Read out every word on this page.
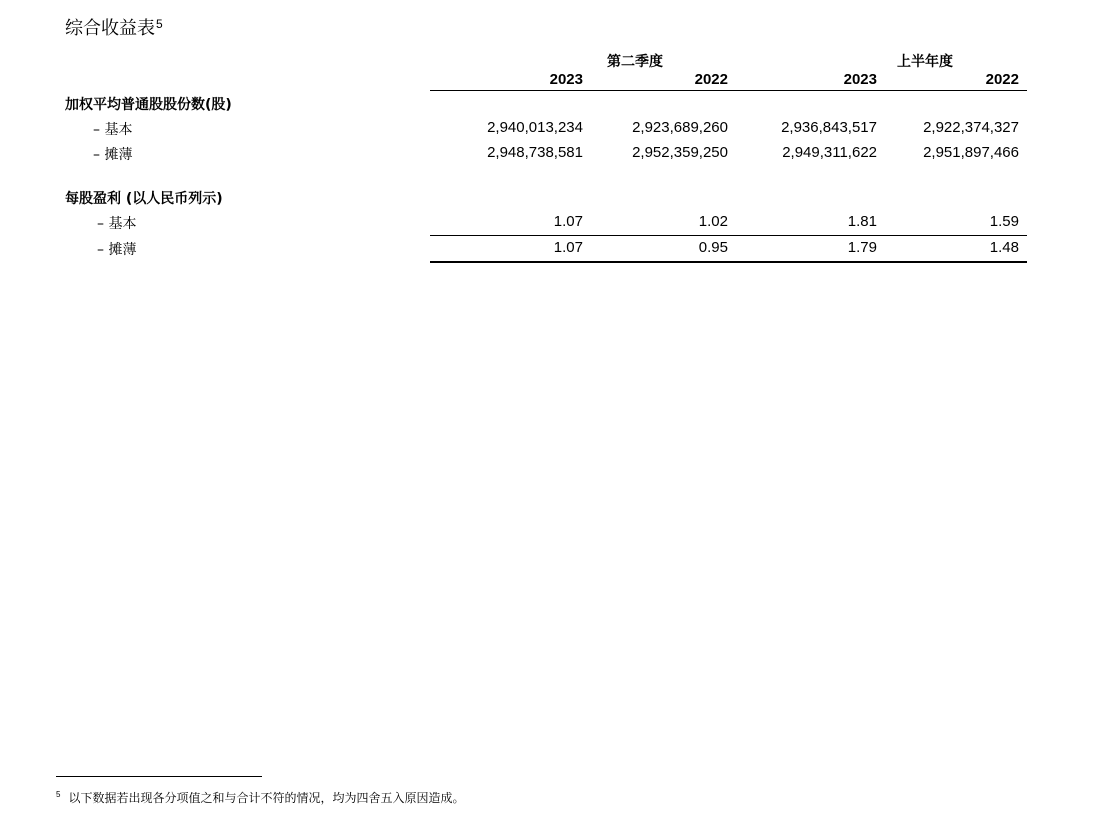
综合收益表$^5$
第二季度	上半年度
2023	2022	2023	2022
加权平均普通股股份数(股)
– 基本	2,940,013,234	2,923,689,260	2,936,843,517	2,922,374,327
– 摊薄	2,948,738,581	2,952,359,250	2,949,311,622	2,951,897,466
每股盈利 (以人民币列示)
– 基本	1.07	1.02	1.81	1.59
– 摊薄	1.07	0.95	1.79	1.48
$^5$ 以下数据若出现各分项值之和与合计不符的情况，均为四舍五入原因造成。
